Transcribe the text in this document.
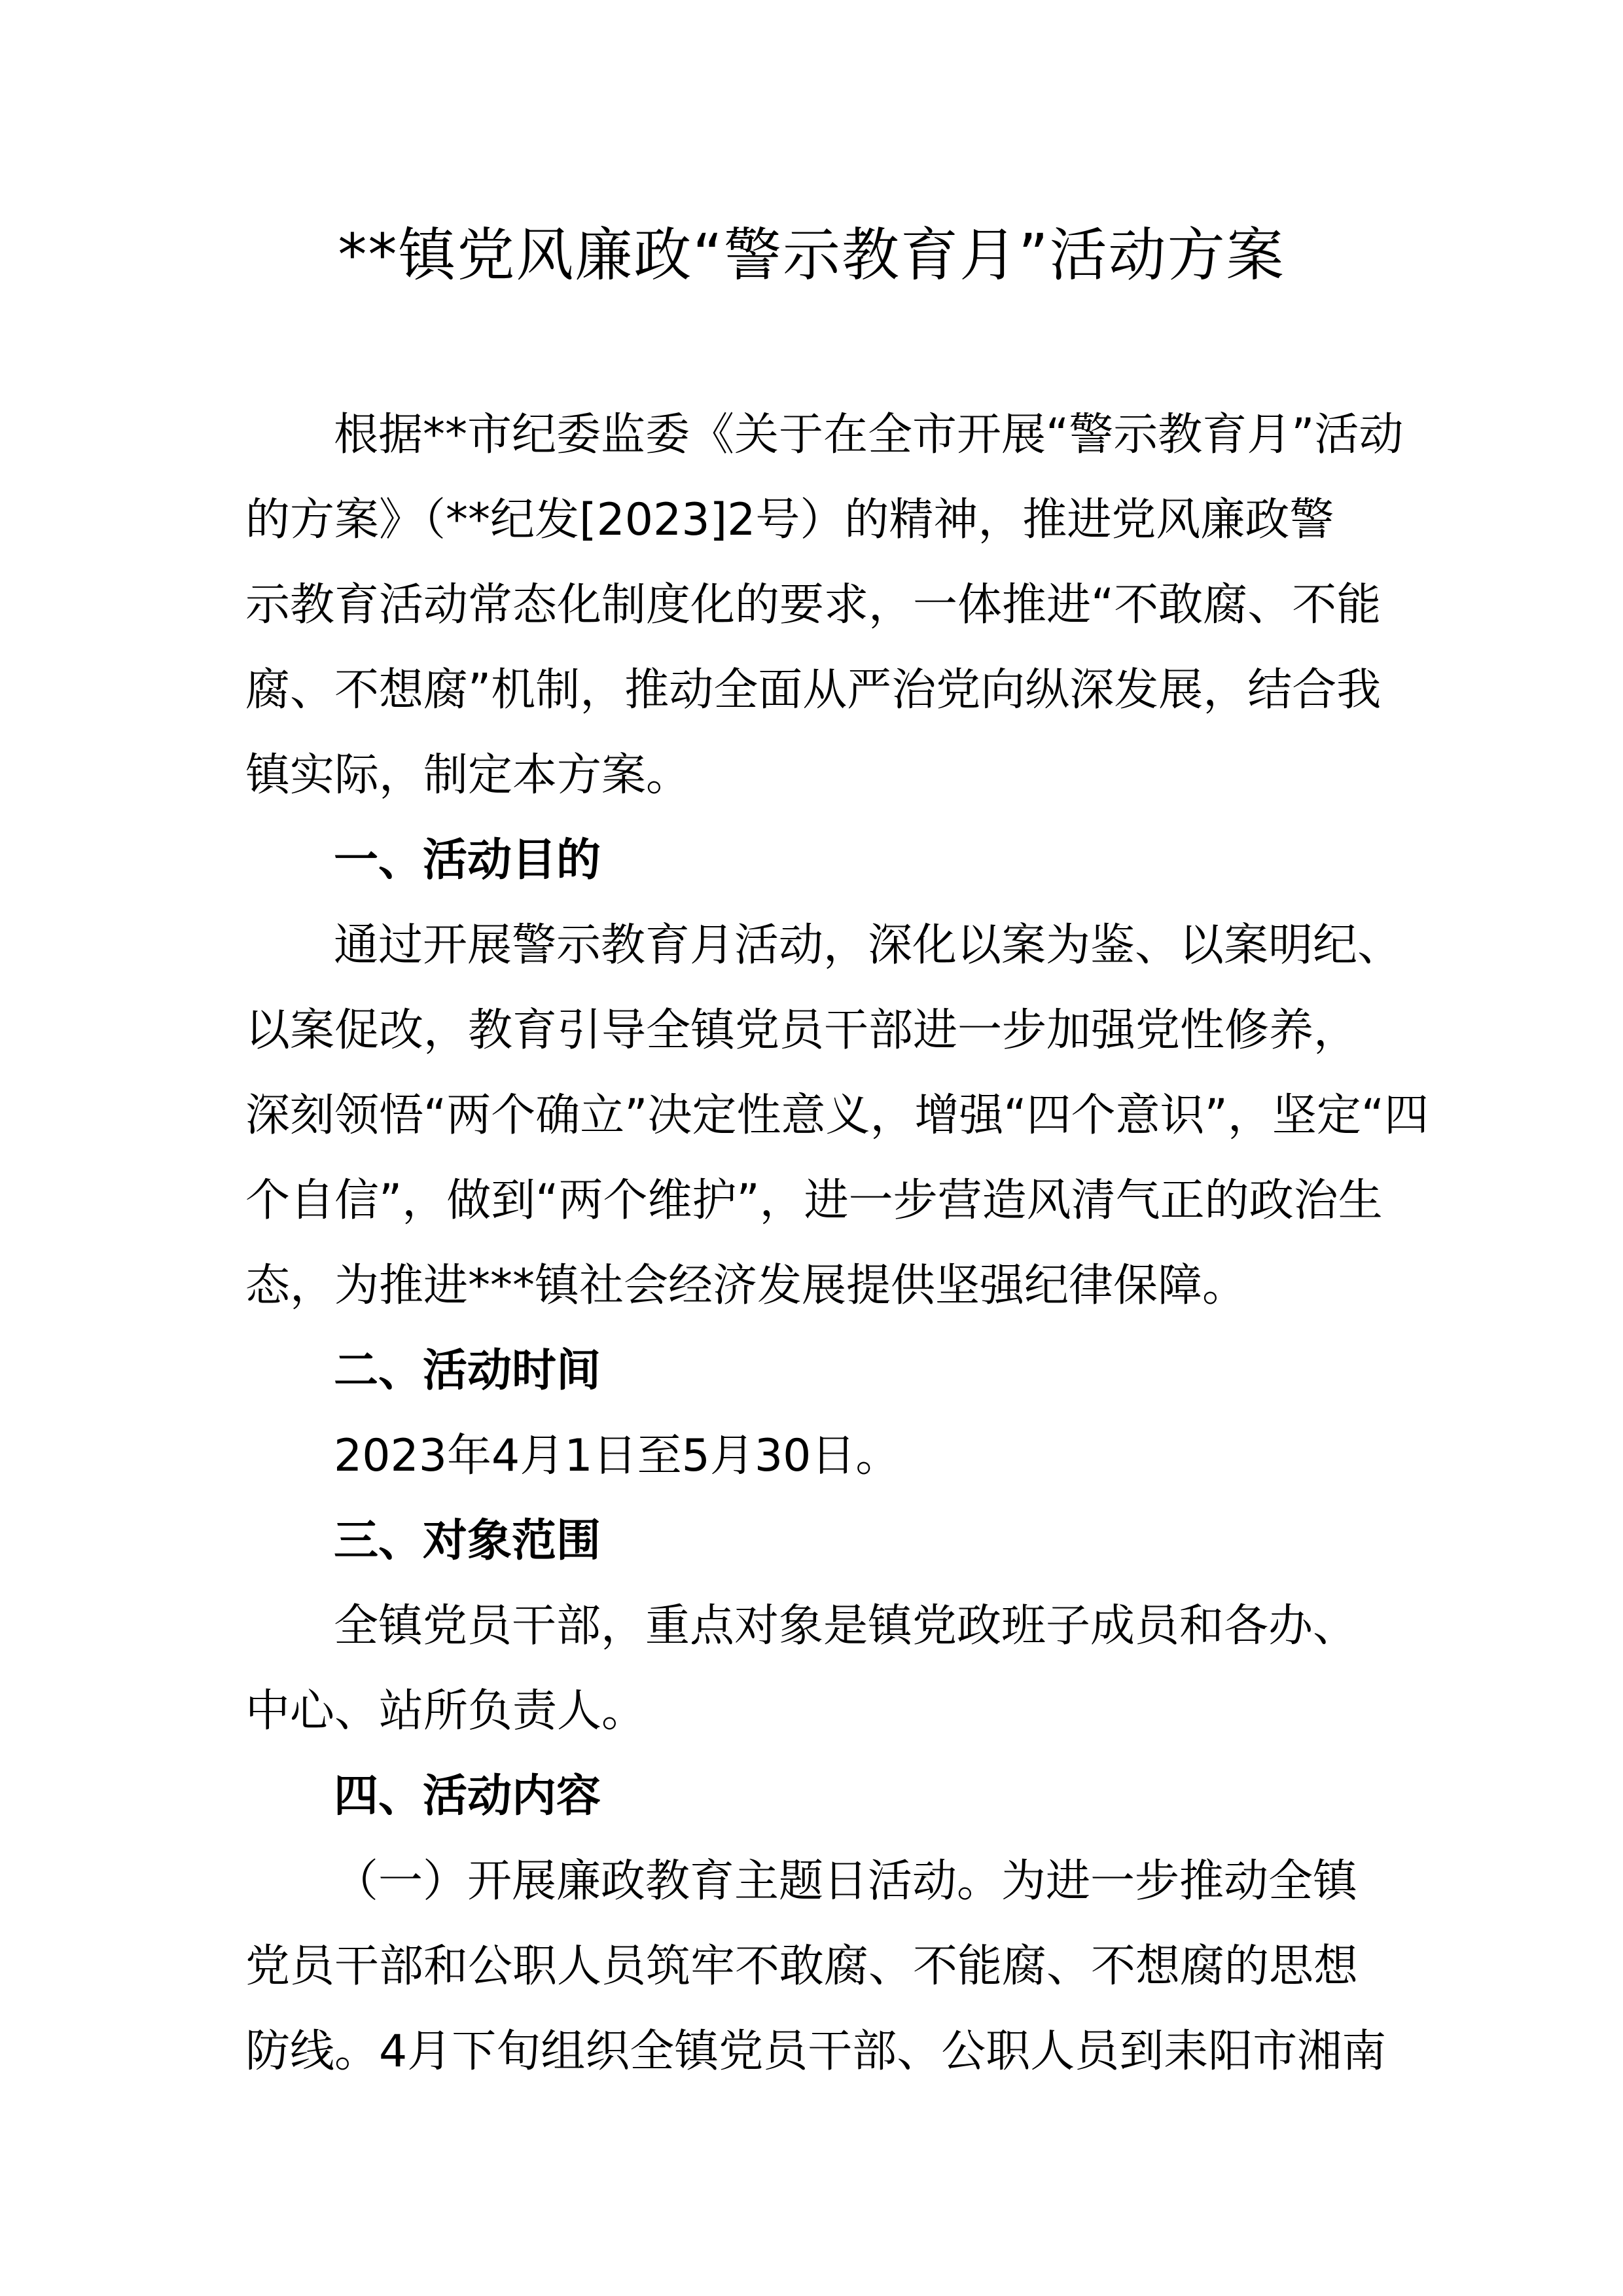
**镇党风廉政“警示教育月”活动方案
根据**市纪委监委《关于在全市开展“警示教育月”活动
的方案》（**纪发[2023]2号）的精神，推进党风廉政警
示教育活动常态化制度化的要求，一体推进“不敢腐、不能
腐、不想腐”机制，推动全面从严治党向纵深发展，结合我
镇实际，制定本方案。
一、活动目的
通过开展警示教育月活动，深化以案为鉴、以案明纪、
以案促改，教育引导全镇党员干部进一步加强党性修养，
深刻领悟“两个确立”决定性意义，增强“四个意识”，坚定“四
个自信”，做到“两个维护”，进一步营造风清气正的政治生
态，为推进***镇社会经济发展提供坚强纪律保障。
二、活动时间
2023年4月1日至5月30日。
三、对象范围
全镇党员干部，重点对象是镇党政班子成员和各办、
中心、站所负责人。
四、活动内容
（一）开展廉政教育主题日活动。为进一步推动全镇
党员干部和公职人员筑牢不敢腐、不能腐、不想腐的思想
防线。4月下旬组织全镇党员干部、公职人员到耒阳市湘南
